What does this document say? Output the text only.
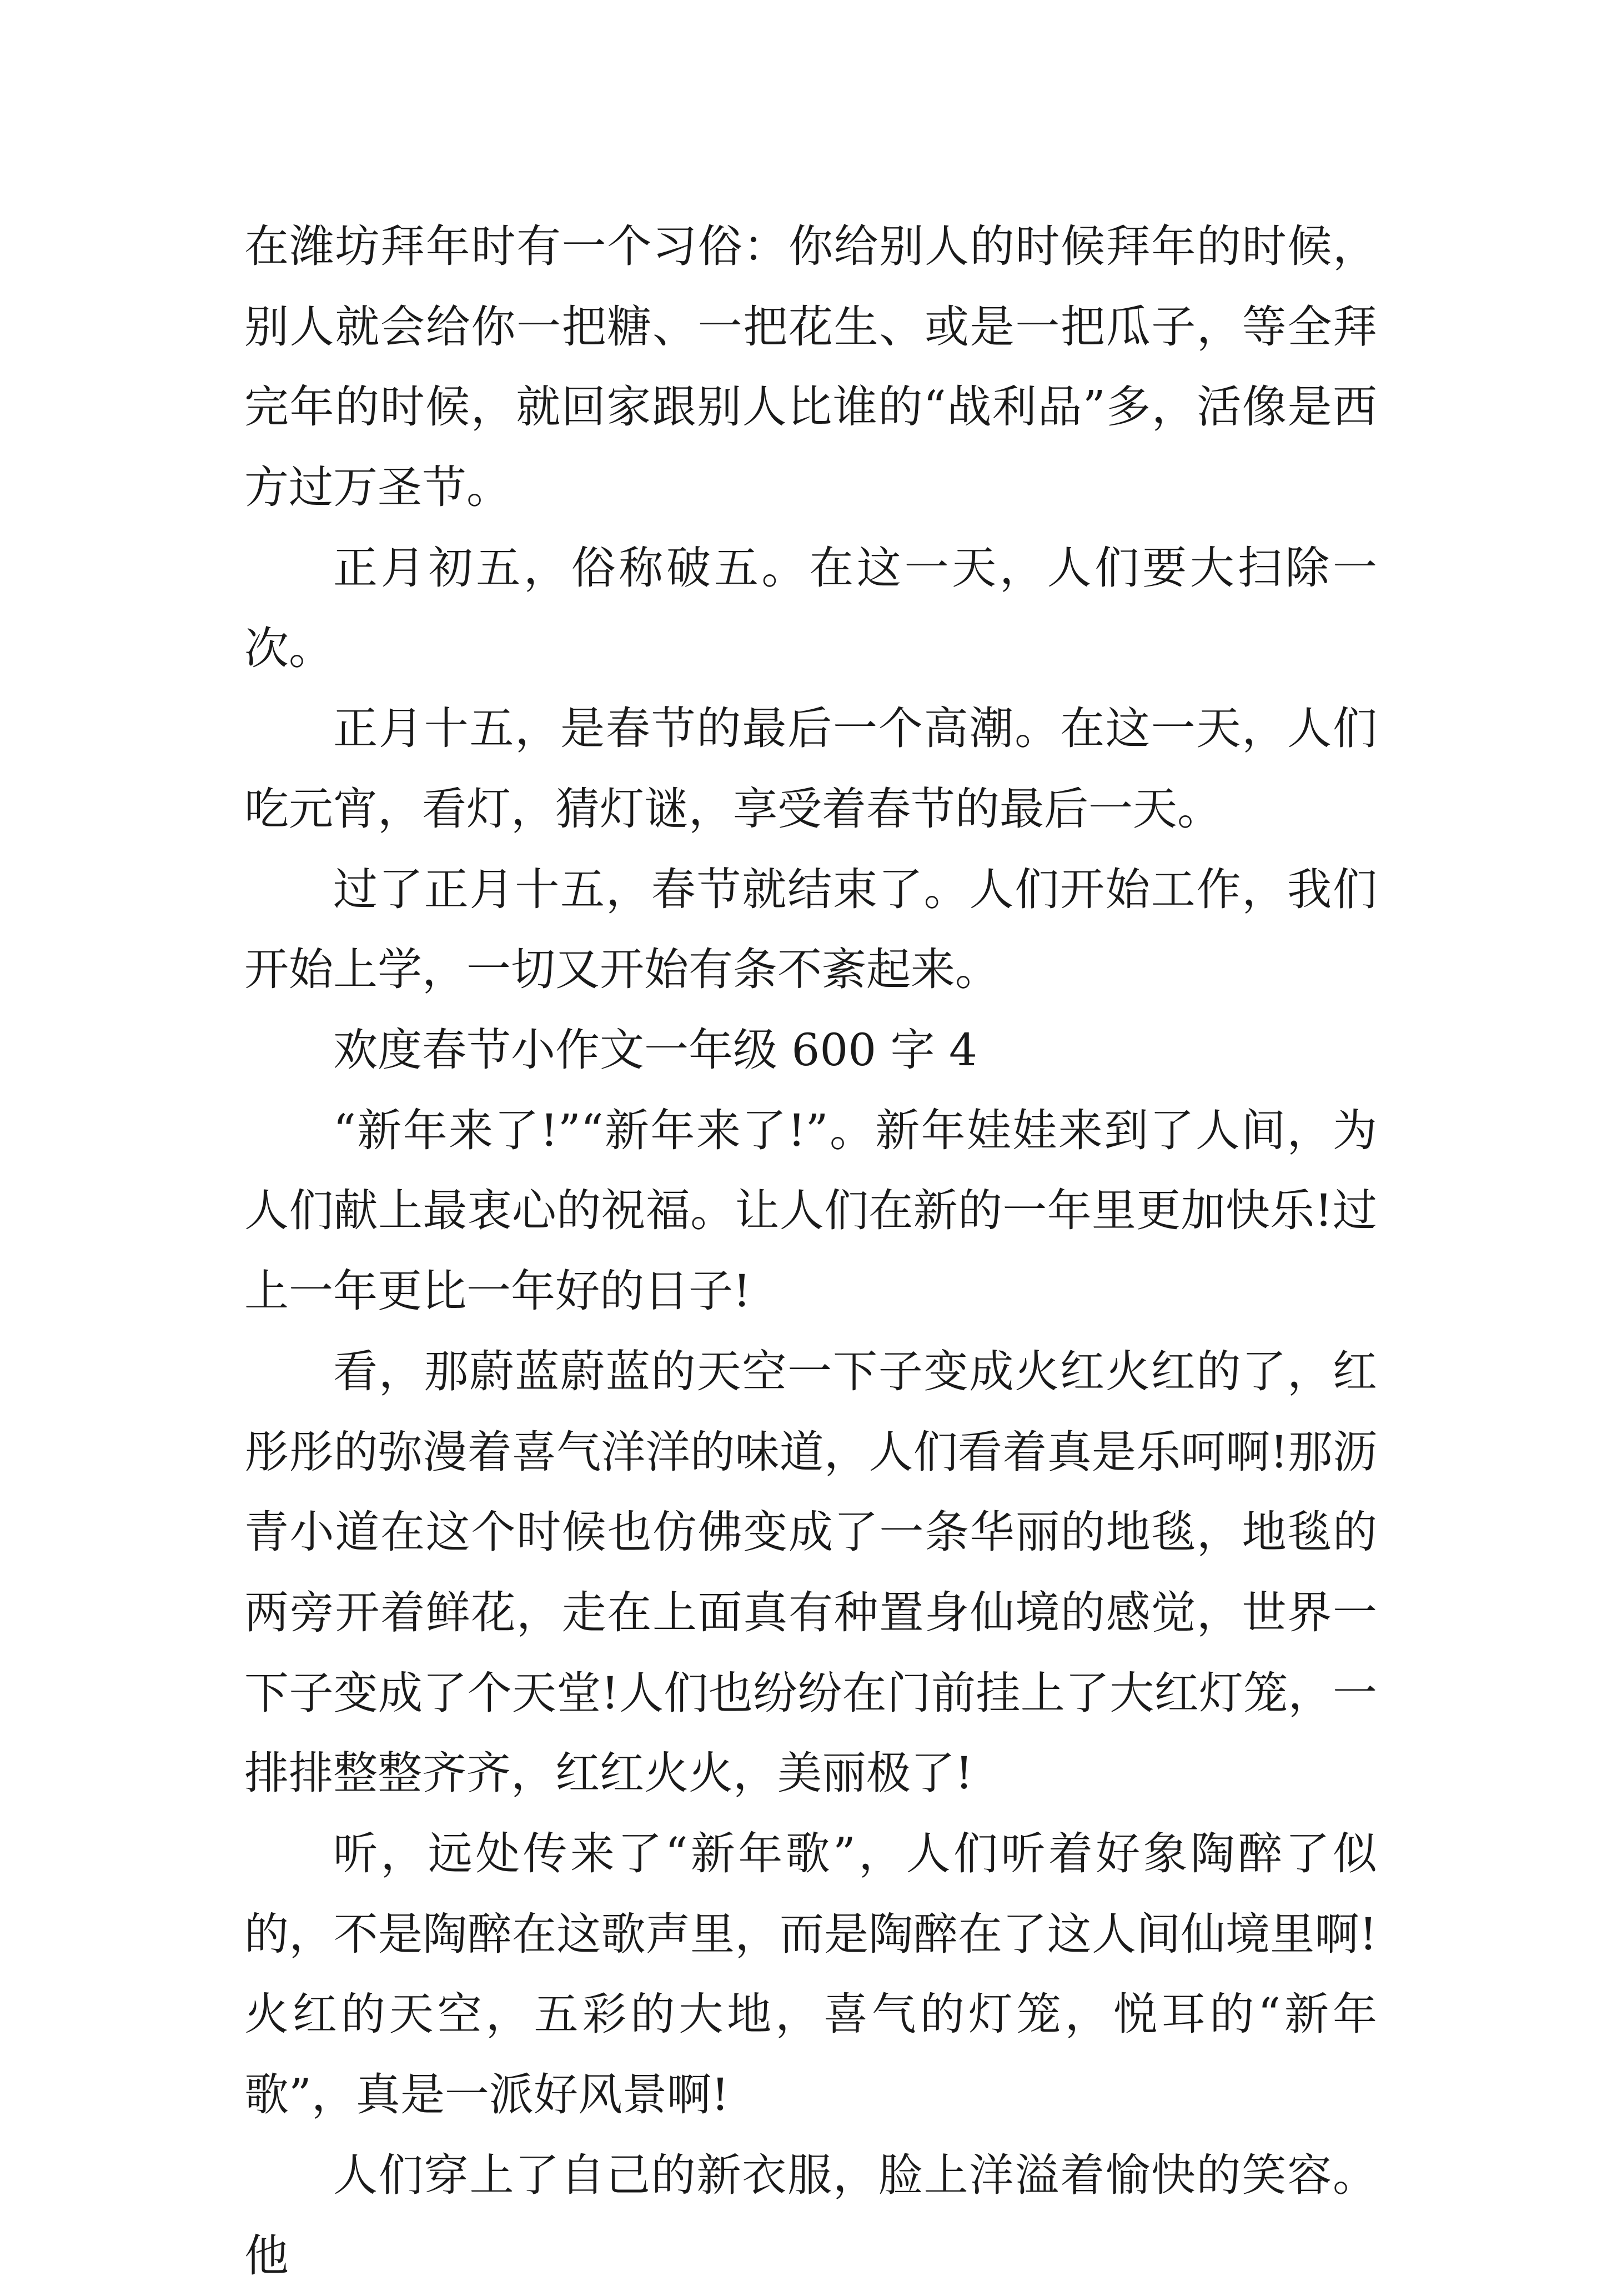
在潍坊拜年时有一个习俗：你给别人的时候拜年的时候，别人就会给你一把糖、一把花生、或是一把瓜子，等全拜完年的时候，就回家跟别人比谁的“战利品”多，活像是西方过万圣节。

正月初五，俗称破五。在这一天，人们要大扫除一次。

正月十五，是春节的最后一个高潮。在这一天，人们吃元宵，看灯，猜灯谜，享受着春节的最后一天。

过了正月十五，春节就结束了。人们开始工作，我们开始上学，一切又开始有条不紊起来。

欢度春节小作文一年级 600 字 4

“新年来了!”“新年来了!”。新年娃娃来到了人间，为人们献上最衷心的祝福。让人们在新的一年里更加快乐!过上一年更比一年好的日子!

看，那蔚蓝蔚蓝的天空一下子变成火红火红的了，红彤彤的弥漫着喜气洋洋的味道，人们看着真是乐呵啊!那沥青小道在这个时候也仿佛变成了一条华丽的地毯，地毯的两旁开着鲜花，走在上面真有种置身仙境的感觉，世界一下子变成了个天堂!人们也纷纷在门前挂上了大红灯笼，一排排整整齐齐，红红火火，美丽极了!

听，远处传来了“新年歌”，人们听着好象陶醉了似的，不是陶醉在这歌声里，而是陶醉在了这人间仙境里啊!火红的天空，五彩的大地，喜气的灯笼，悦耳的“新年歌”，真是一派好风景啊!

人们穿上了自己的新衣服，脸上洋溢着愉快的笑容。他
